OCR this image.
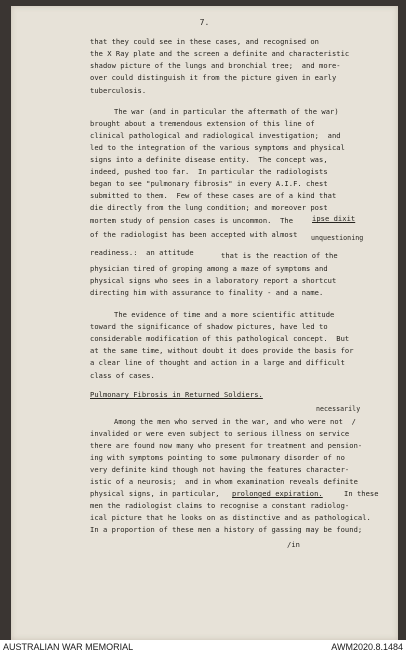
7.
that they could see in these cases, and recognised on
the X Ray plate and the screen a definite and characteristic
shadow picture of the lungs and bronchial tree;  and more-
over could distinguish it from the picture given in early
tuberculosis.
The war (and in particular the aftermath of the war)
brought about a tremendous extension of this line of
clinical pathological and radiological investigation;  and
led to the integration of the various symptoms and physical
signs into a definite disease entity.  The concept was,
indeed, pushed too far.  In particular the radiologists
began to see "pulmonary fibrosis" in every A.I.F. chest
submitted to them.  Few of these cases are of a kind that
die directly from the lung condition; and moreover post
mortem study of pension cases is uncommon.  The	ipse dixit
of the radiologist has been accepted with almost unquestioning
readiness.:  an attitude	that is the reaction of the
physician tired of groping among a maze of symptoms and
physical signs who sees in a laboratory report a shortcut
directing him with assurance to finality - and a name.
The evidence of time and a more scientific attitude
toward the significance of shadow pictures, have led to
considerable modification of this pathological concept.  But
at the same time, without doubt it does provide the basis for
a clear line of thought and action in a large and difficult
class of cases.
Pulmonary Fibrosis in Returned Soldiers.
necessarily
Among the men who served in the war, and who were not  /
invalided or were even subject to serious illness on service
there are found now many who present for treatment and pension-
ing with symptoms pointing to some pulmonary disorder of no
very definite kind though not having the features character-
istic of a neurosis;  and in whom examination reveals definite
physical signs, in particular, prolonged expiration.	In these
men the radiologist claims to recognise a constant radiolog-
ical picture that he looks on as distinctive and as pathological.
In a proportion of these men a history of gassing may be found;
/in
AUSTRALIAN WAR MEMORIAL	AWM2020.8.1484
